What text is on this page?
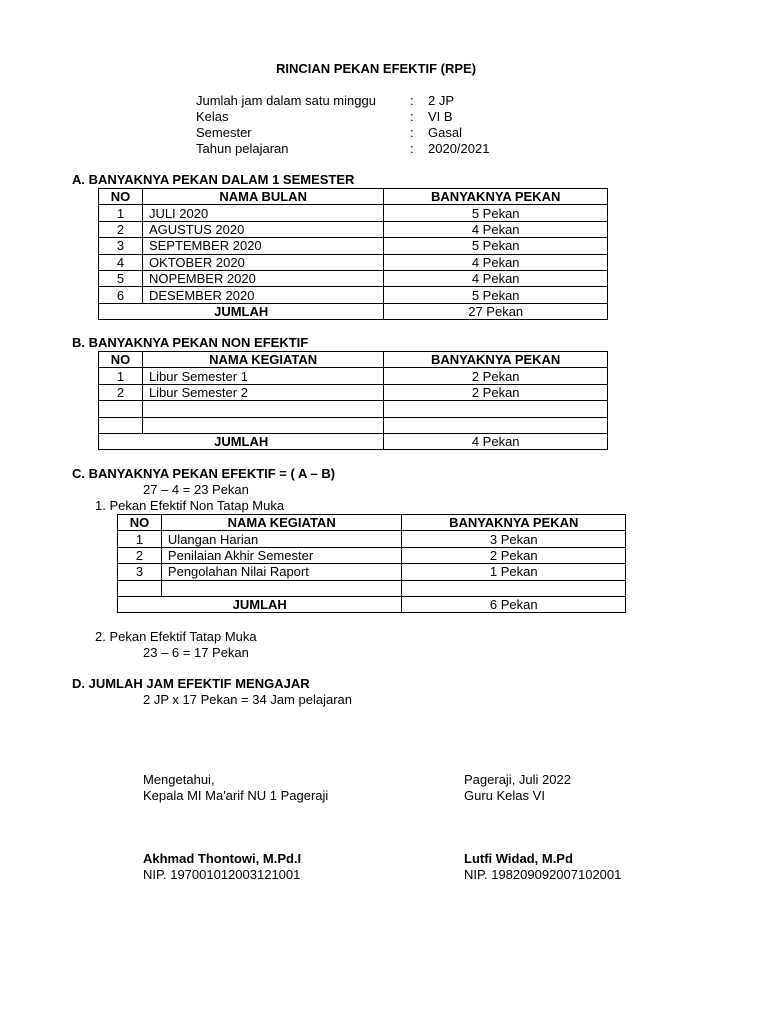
RINCIAN PEKAN EFEKTIF (RPE)
Jumlah jam dalam satu minggu	: 2 JP
Kelas	: VI B
Semester	: Gasal
Tahun pelajaran	: 2020/2021
A. BANYAKNYA PEKAN DALAM 1 SEMESTER
NO	NAMA BULAN	BANYAKNYA PEKAN
1	JULI 2020	5 Pekan
2	AGUSTUS 2020	4 Pekan
3	SEPTEMBER 2020	5 Pekan
4	OKTOBER 2020	4 Pekan
5	NOPEMBER 2020	4 Pekan
6	DESEMBER 2020	5 Pekan
JUMLAH		27 Pekan
B. BANYAKNYA PEKAN NON EFEKTIF
NO	NAMA KEGIATAN	BANYAKNYA PEKAN
1	Libur Semester 1	2 Pekan
2	Libur Semester 2	2 Pekan

JUMLAH		4 Pekan
C. BANYAKNYA PEKAN EFEKTIF = ( A – B)
27 – 4 = 23 Pekan
1. Pekan Efektif Non Tatap Muka
NO	NAMA KEGIATAN	BANYAKNYA PEKAN
1	Ulangan Harian	3 Pekan
2	Penilaian Akhir Semester	2 Pekan
3	Pengolahan Nilai Raport	1 Pekan

JUMLAH		6 Pekan
2. Pekan Efektif Tatap Muka
23 – 6 = 17 Pekan
D. JUMLAH JAM EFEKTIF MENGAJAR
2 JP x 17 Pekan = 34 Jam pelajaran
Mengetahui,
Kepala MI Ma'arif NU 1 Pageraji
Akhmad Thontowi, M.Pd.I
NIP. 197001012003121001
Pageraji, Juli 2022
Guru Kelas VI
Lutfi Widad, M.Pd
NIP. 198209092007102001
